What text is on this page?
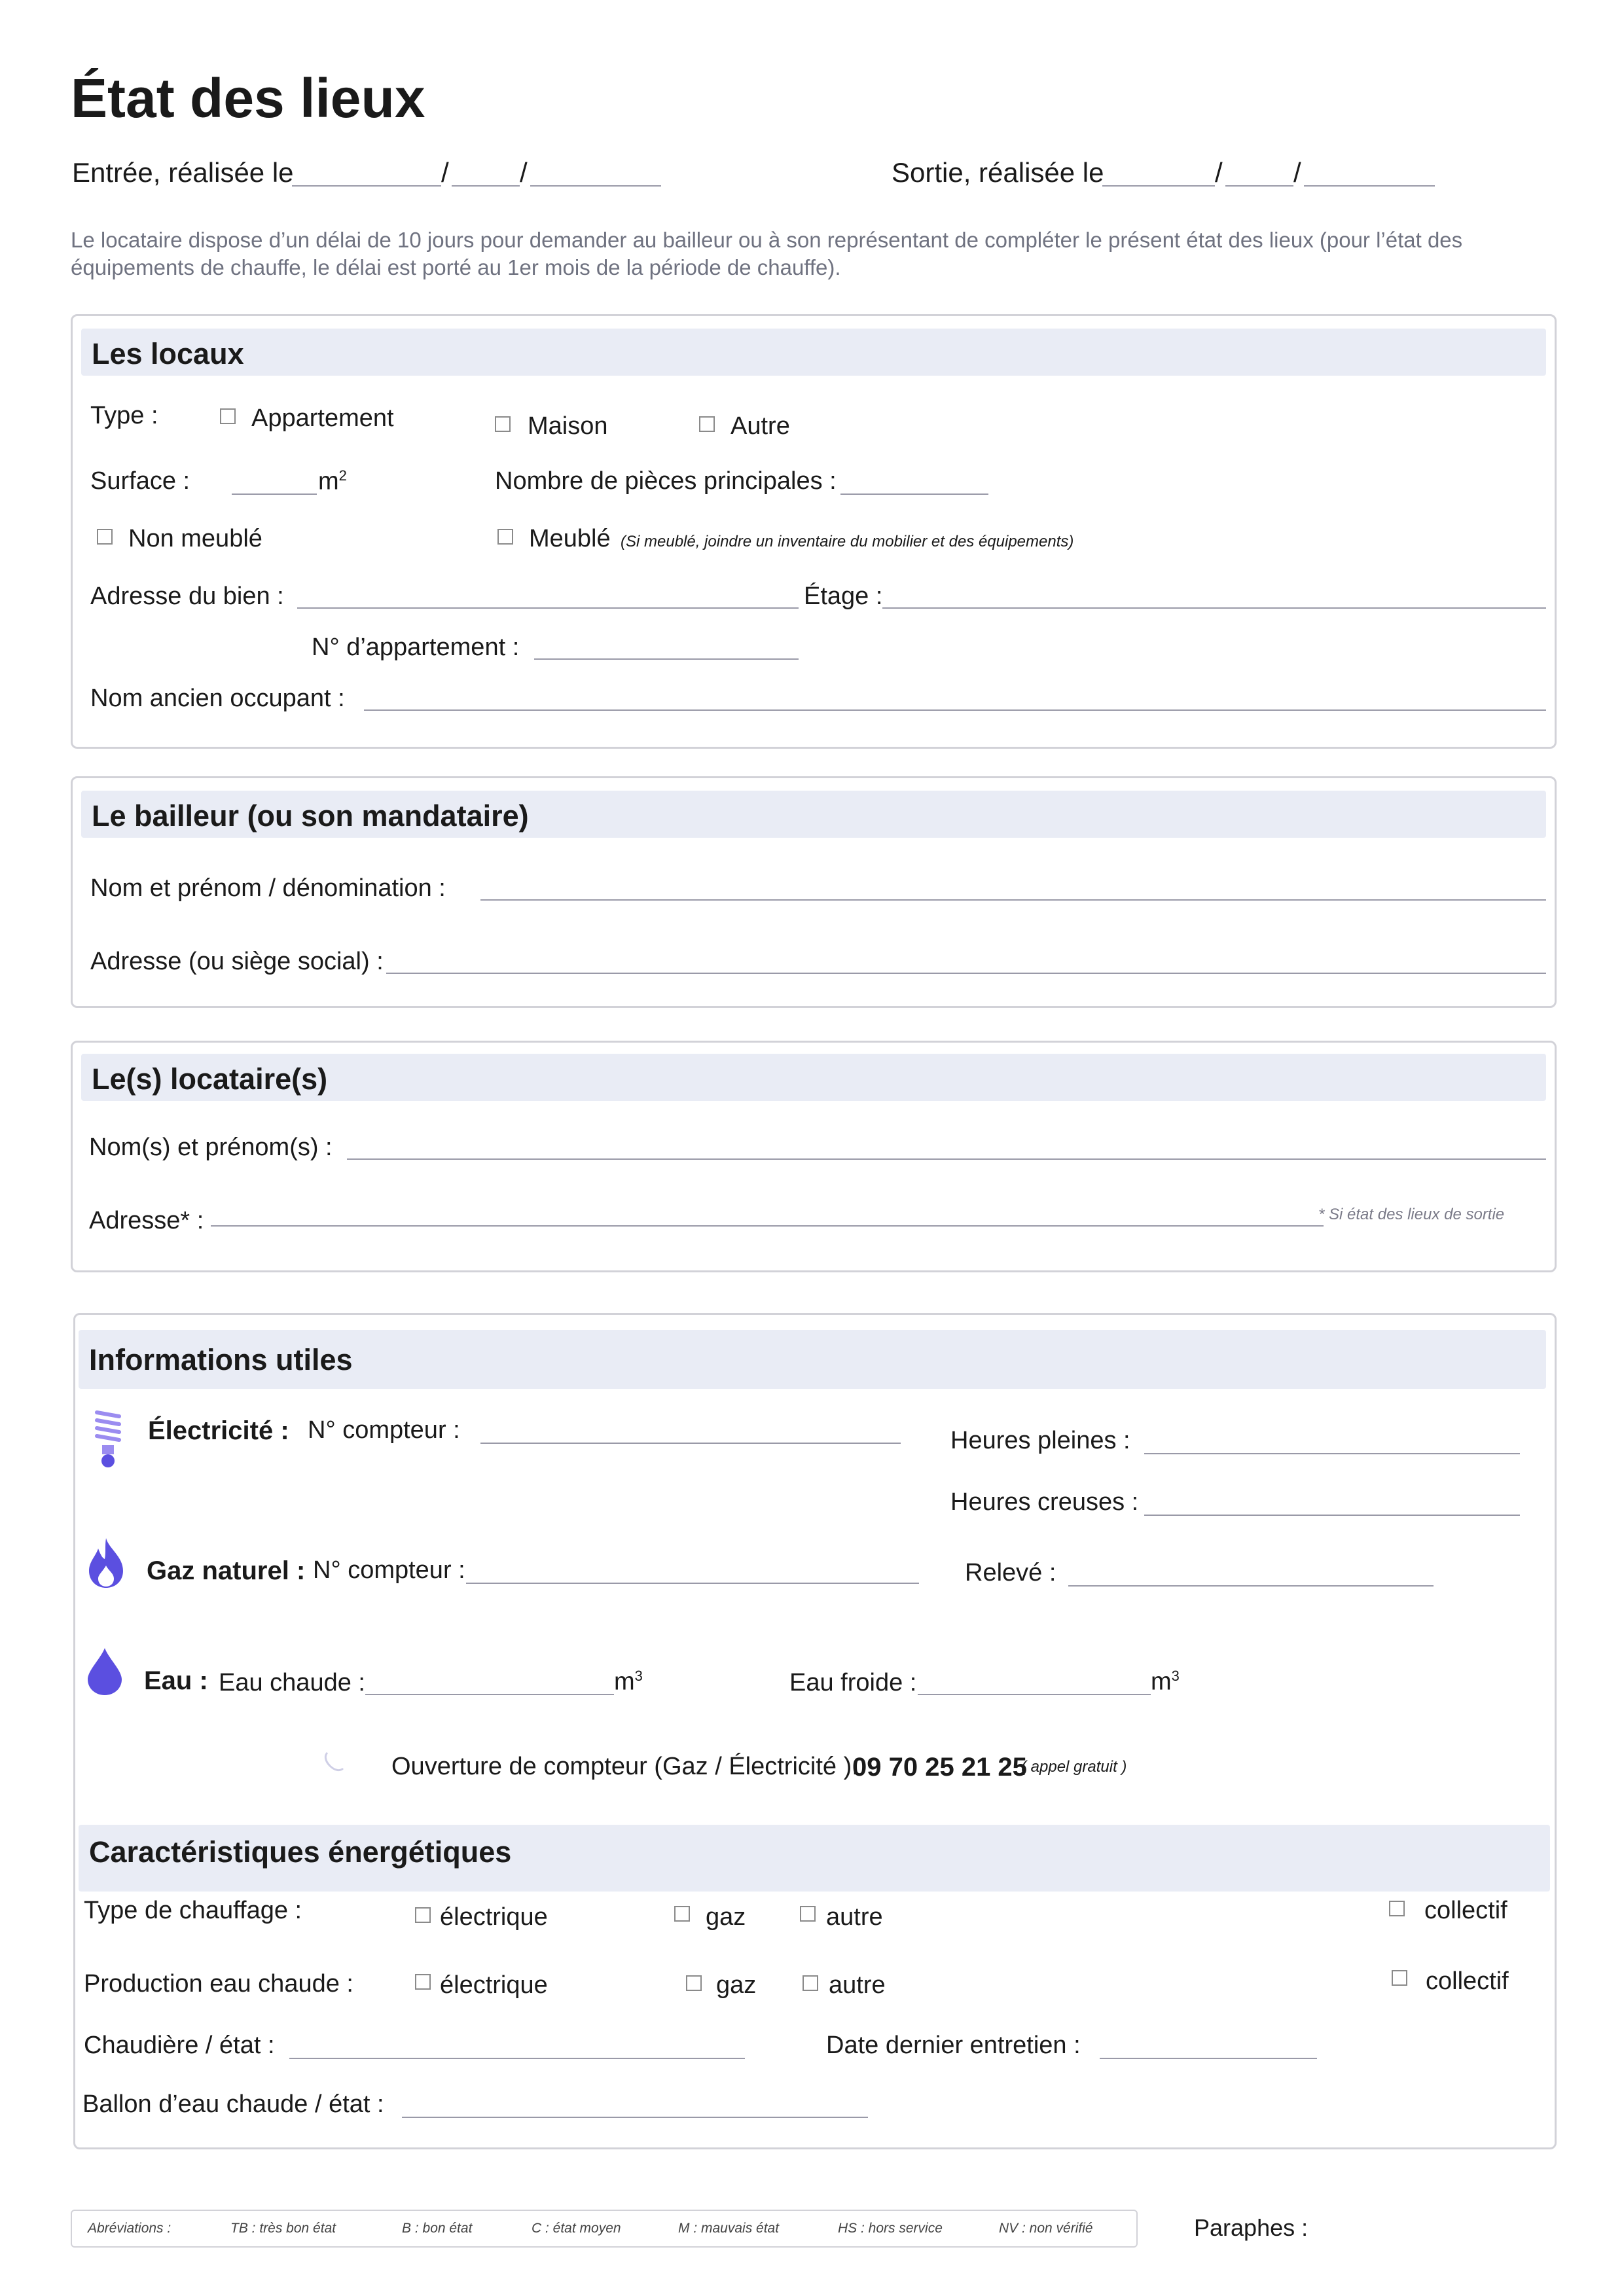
État des lieux
Entrée, réalisée le	/	/	Sortie, réalisée le	/	/
Le locataire dispose d’un délai de 10 jours pour demander au bailleur ou à son représentant de compléter le présent état des lieux (pour l’état des équipements de chauffe, le délai est porté au 1er mois de la période de chauffe).
Les locaux
Type :	Appartement	Maison	Autre
Surface :	$m^2$	Nombre de pièces principales :
Non meublé	Meublé (Si meublé, joindre un inventaire du mobilier et des équipements)
Adresse du bien :	Étage :
N° d’appartement :
Nom ancien occupant :
Le bailleur (ou son mandataire)
Nom et prénom / dénomination :
Adresse (ou siège social) :
Le(s) locataire(s)
Nom(s) et prénom(s) :
Adresse* :	* Si état des lieux de sortie
Informations utiles
Électricité : N° compteur :	Heures pleines :
Heures creuses :
Gaz naturel : N° compteur :	Relevé :
Eau : Eau chaude :	$m^3$	Eau froide :	$m^3$
Ouverture de compteur (Gaz / Électricité ):
09 70 25 21 25
( appel gratuit )
Caractéristiques énergétiques
Type de chauffage :	électrique	gaz	autre	collectif
Production eau chaude :	électrique	gaz	autre	collectif
Chaudière / état :	Date dernier entretien :
Ballon d’eau chaude / état :
Abréviations :	TB : très bon état	B : bon état	C : état moyen	M : mauvais état	HS : hors service	NV : non vérifié	Paraphes :
